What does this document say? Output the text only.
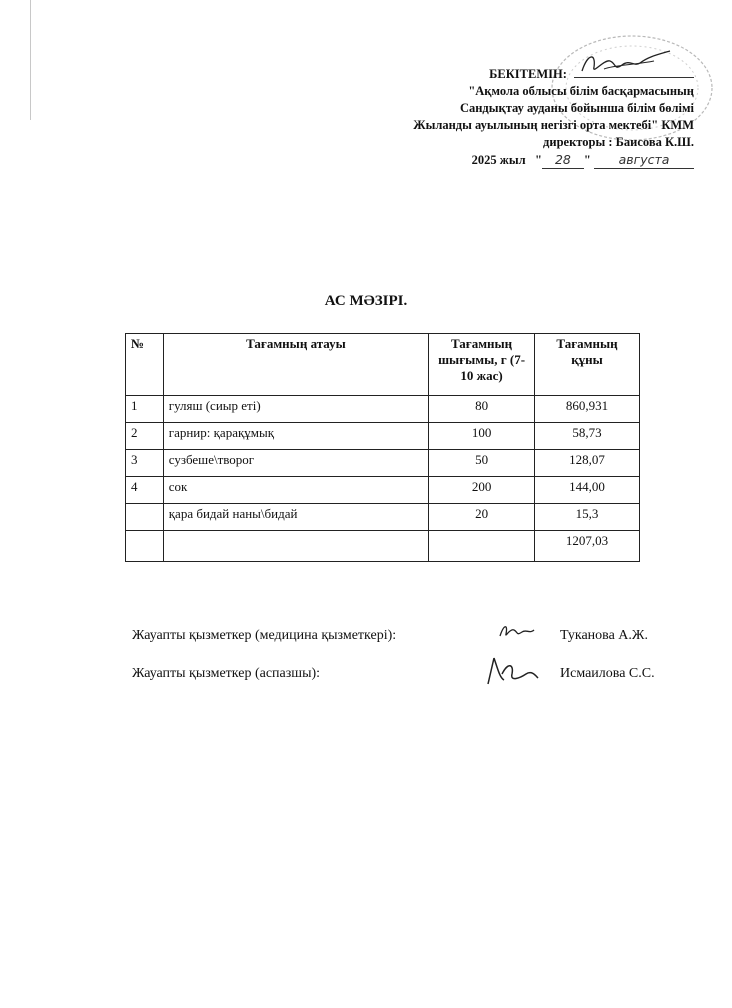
БЕКІТЕМІН:
"Ақмола облысы білім басқармасының
Сандықтау ауданы бойынша білім бөлімі
Жыланды ауылының негізгі орта мектебі" КММ
директоры : Баисова К.Ш.
2025 жыл " 28 " августа
АС МӘЗІРІ.
№	Тағамның атауы	Тағамның шығымы, г (7-10 жас)	Тағамның құны
1	гуляш (сиыр еті)	80	860,931
2	гарнир: қарақұмық	100	58,73
3	сузбеше\творог	50	128,07
4	сок	200	144,00
	қара бидай наны\бидай	20	15,3
			1207,03
Жауапты қызметкер (медицина қызметкері):	Туканова А.Ж.
Жауапты қызметкер (аспазшы):	Исмаилова С.С.
